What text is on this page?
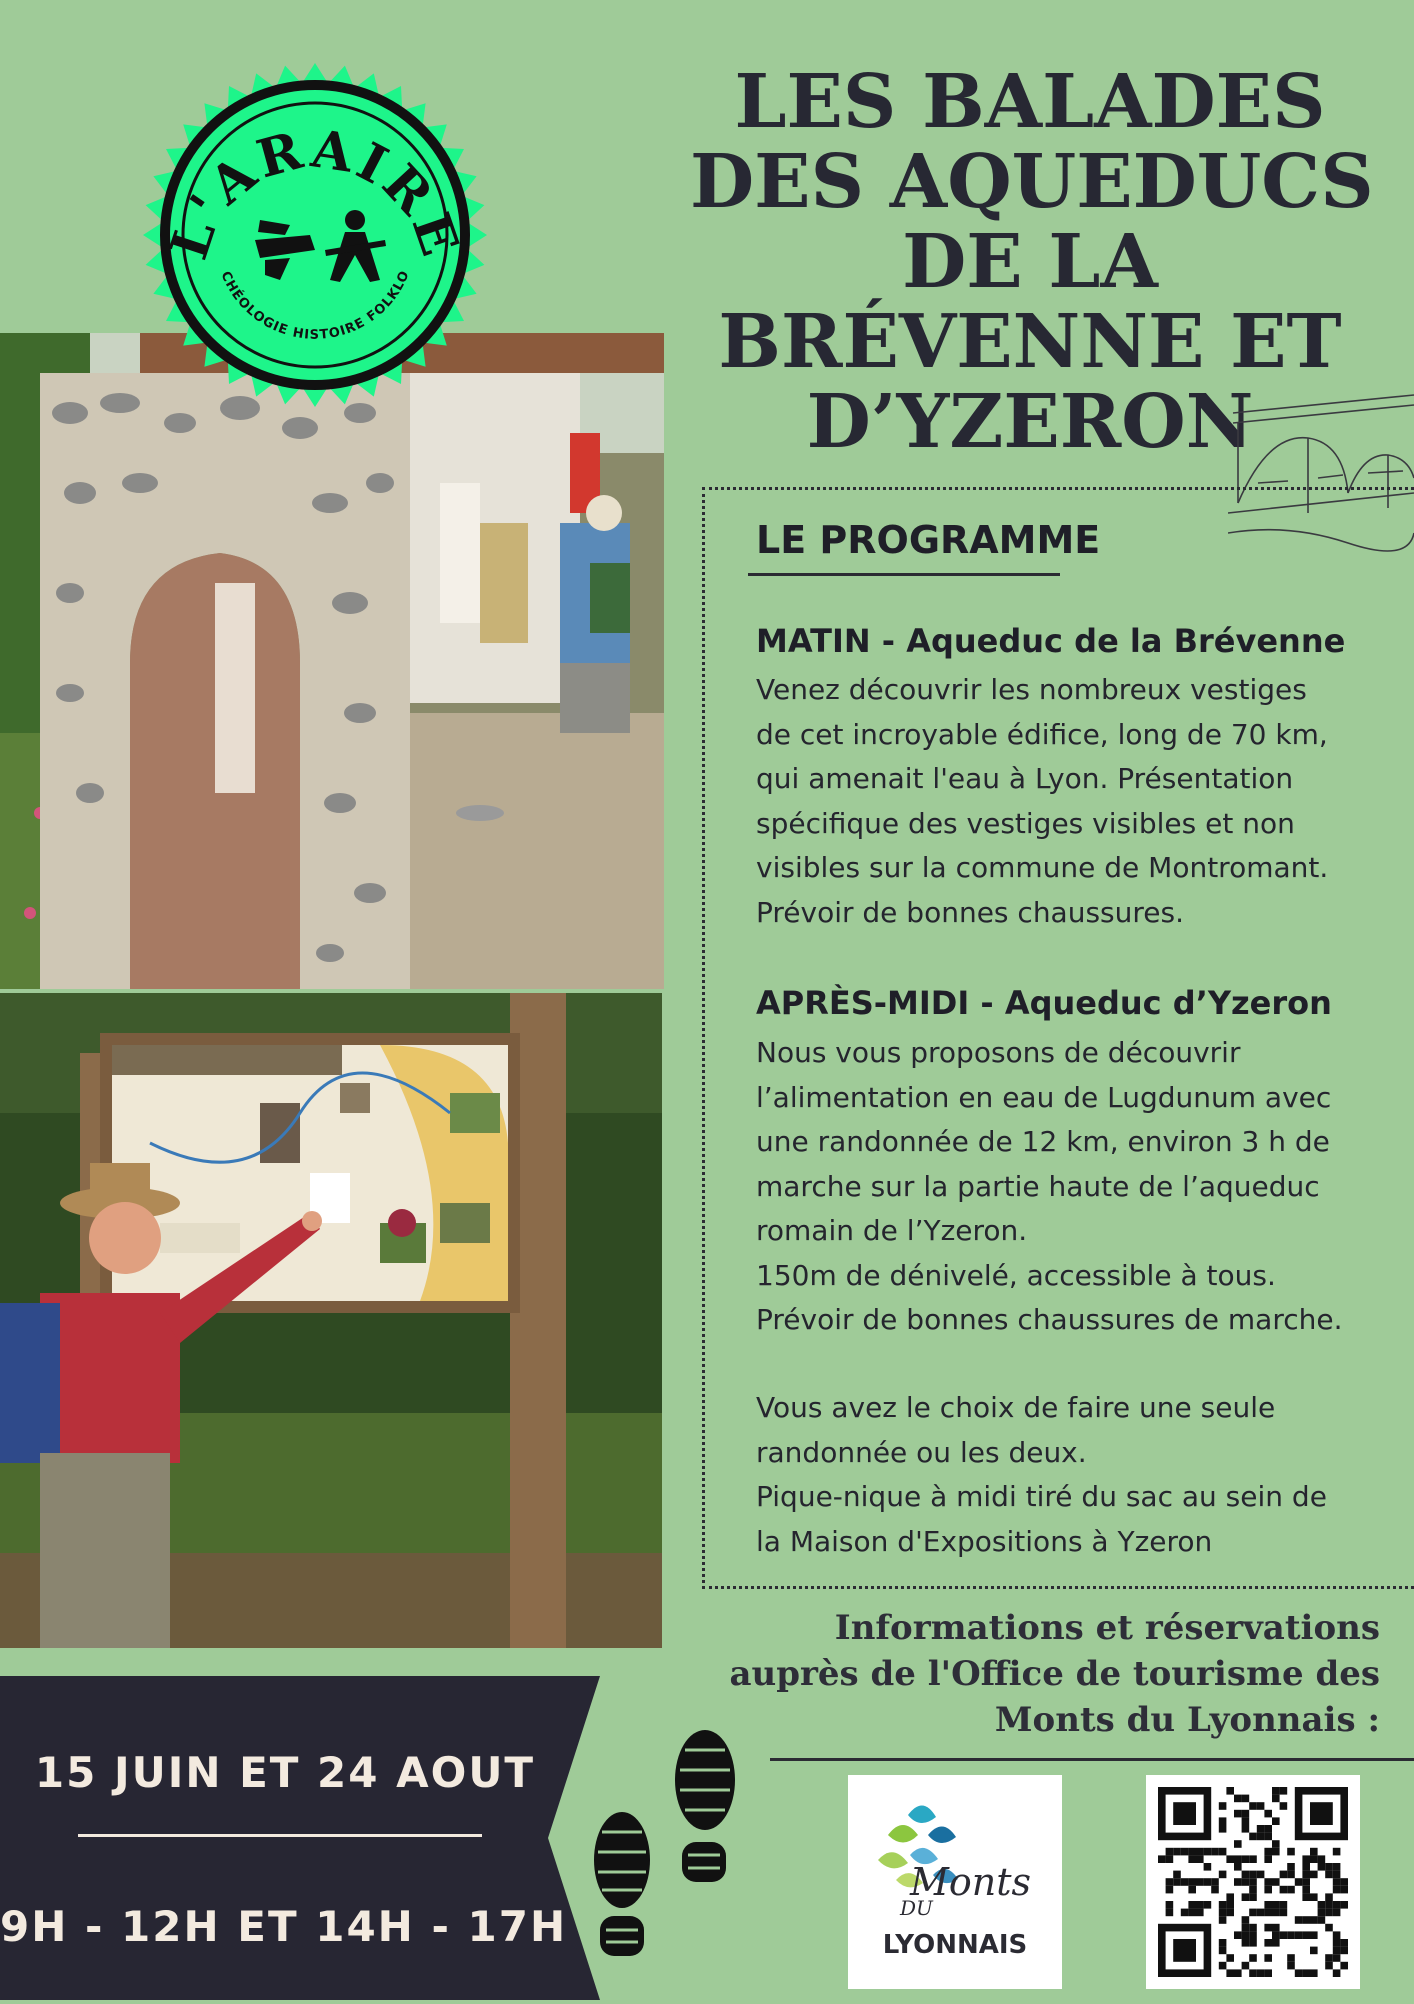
LES BALADES
DES AQUEDUCS
DE LA
BRÉVENNE ET
D’YZERON
L'ARAIRE
CHÉOLOGIE HISTOIRE FOLKLO
LE PROGRAMME
MATIN - Aqueduc de la Brévenne
Venez découvrir les nombreux vestiges
de cet incroyable édifice, long de 70 km,
qui amenait l'eau à Lyon. Présentation
spécifique des vestiges visibles et non
visibles sur la commune de Montromant.
Prévoir de bonnes chaussures.
APRÈS-MIDI - Aqueduc d’Yzeron
Nous vous proposons de découvrir
l’alimentation en eau de Lugdunum avec
une randonnée de 12 km, environ 3 h de
marche sur la partie haute de l’aqueduc
romain de l’Yzeron.
150m de dénivelé, accessible à tous.
Prévoir de bonnes chaussures de marche.
Vous avez le choix de faire une seule
randonnée ou les deux.
Pique-nique à midi tiré du sac au sein de
la Maison d'Expositions à Yzeron
Informations et réservations
auprès de l'Office de tourisme des
Monts du Lyonnais :
15 JUIN ET 24 AOUT
9H - 12H ET 14H - 17H
Monts
DU
LYONNAIS
